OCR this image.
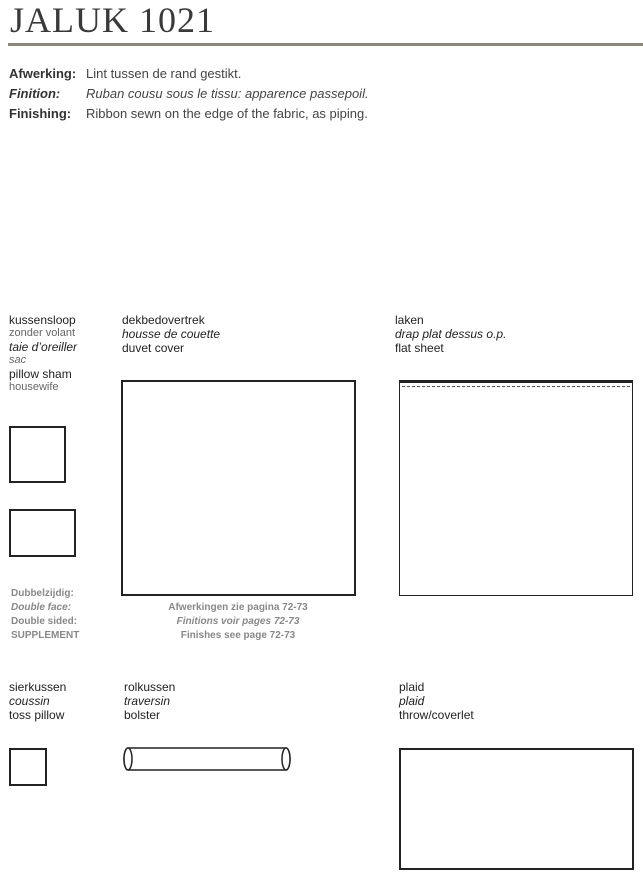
JALUK 1021
Afwerking: Lint tussen de rand gestikt.
Finition: Ruban cousu sous le tissu: apparence passepoil.
Finishing: Ribbon sewn on the edge of the fabric, as piping.
kussensloop
zonder volant
taie d’oreiller
sac
pillow sham
housewife
dekbedovertrek
housse de couette
duvet cover
laken
drap plat dessus o.p.
flat sheet
Dubbelzijdig:
Double face:
Double sided:
SUPPLEMENT
Afwerkingen zie pagina 72-73
Finitions voir pages 72-73
Finishes see page 72-73
sierkussen
coussin
toss pillow
rolkussen
traversin
bolster
plaid
plaid
throw/coverlet
